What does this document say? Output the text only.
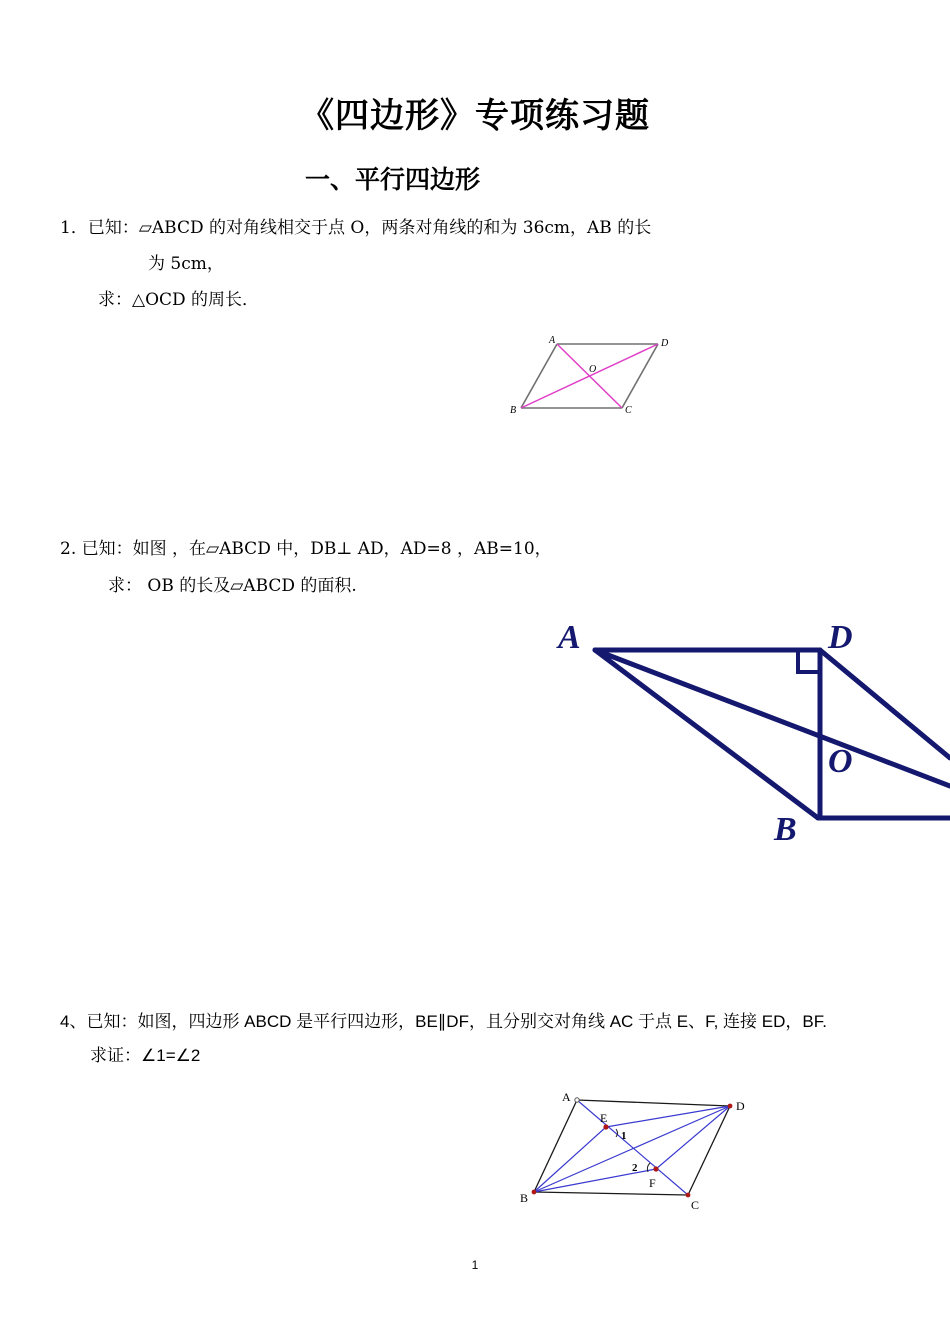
《四边形》专项练习题
一、平行四边形
1．已知：▱ABCD 的对角线相交于点 O，两条对角线的和为 36cm，AB 的长
为 5cm，
求：△OCD 的周长．
A	D
O
B	C
2. 已知：如图 ，在▱ABCD 中，DB⊥ AD，AD=8 ，AB=10，
求： OB 的长及▱ABCD 的面积.
A	D
O
B
4、已知：如图，四边形 ABCD 是平行四边形，BE∥DF，且分别交对角线 AC 于点 E、F, 连接 ED，BF.
求证：∠1=∠2
A
D
E
1
2
F
B	C
1
